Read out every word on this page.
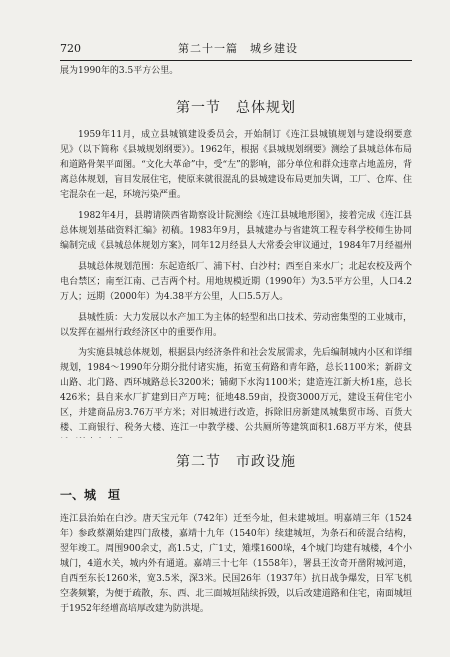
720	第二十一篇　城乡建设
展为1990年的3.5平方公里。
第一节　总体规划
1959年11月，成立县城镇建设委员会，开始制订《连江县城镇规划与建设纲要意见》（以下简称《县城规划纲要》）。1962年，根据《县城规划纲要》测绘了县城总体布局和道路骨架平面图。“文化大革命”中，受“左”的影响，部分单位和群众违章占地盖房，背离总体规划，盲目发展住宅，使原来就很混乱的县城建设布局更加失调，工厂、仓库、住宅混杂在一起，环境污染严重。
1982年4月，县聘请陕西省勘察设计院测绘《连江县城地形图》，接着完成《连江县总体规划基础资料汇编》初稿。1983年9月，县城建办与省建筑工程专科学校师生协同编制完成《县城总体规划方案》，同年12月经县人大常委会审议通过，1984年7月经福州
县城总体规划范围：东起造纸厂、浦下村、白沙村；西至自来水厂；北起农校及两个电台禁区；南至江南、己吉两个村。用地规模近期（1990年）为3.5平方公里，人口4.2万人；远期（2000年）为4.38平方公里，人口5.5万人。
县城性质：大力发展以水产加工为主体的轻型和出口技术、劳动密集型的工业城市，以发挥在福州行政经济区中的重要作用。
为实施县城总体规划，根据县内经济条件和社会发展需求，先后编制城内小区和详细规划，1984～1990年分期分批付诸实施，拓宽玉荷路和青年路，总长1100米；新辟文山路、北门路、西环城路总长3200米；铺砌下水沟1100米；建造连江新大桥1座，总长426米；县自来水厂扩建到日产万吨；征地48.59亩，投资3000万元，建设玉荷住宅小区，并建商品房3.76万平方米；对旧城进行改造，拆除旧房新建凤城集贸市场、百货大楼、工商银行、税务大楼、连江一中教学楼、公共厕所等建筑面积1.68万平方米，使县
第二节　市政设施
一、城　垣
连江县治始在白沙。唐天宝元年（742年）迁至今址，但未建城垣。明嘉靖三年（1524年）参政蔡潮始建四门敌楼，嘉靖十九年（1540年）续建城垣，为条石和砖混合结构，翌年竣工。周围900余丈，高1.5丈，广1丈，雉堞1600垛，4个城门均建有城楼，4个小城门，4道水关，城内外有通道。嘉靖三十七年（1558年），署县王汝奇开凿附城河道，自西至东长1260米，宽3.5米，深3米。民国26年（1937年）抗日战争爆发，日军飞机空袭频繁，为便于疏散，东、西、北三面城垣陆续拆毁，以后改建道路和住宅，南面城垣于1952年经增高培厚改建为防洪堤。
